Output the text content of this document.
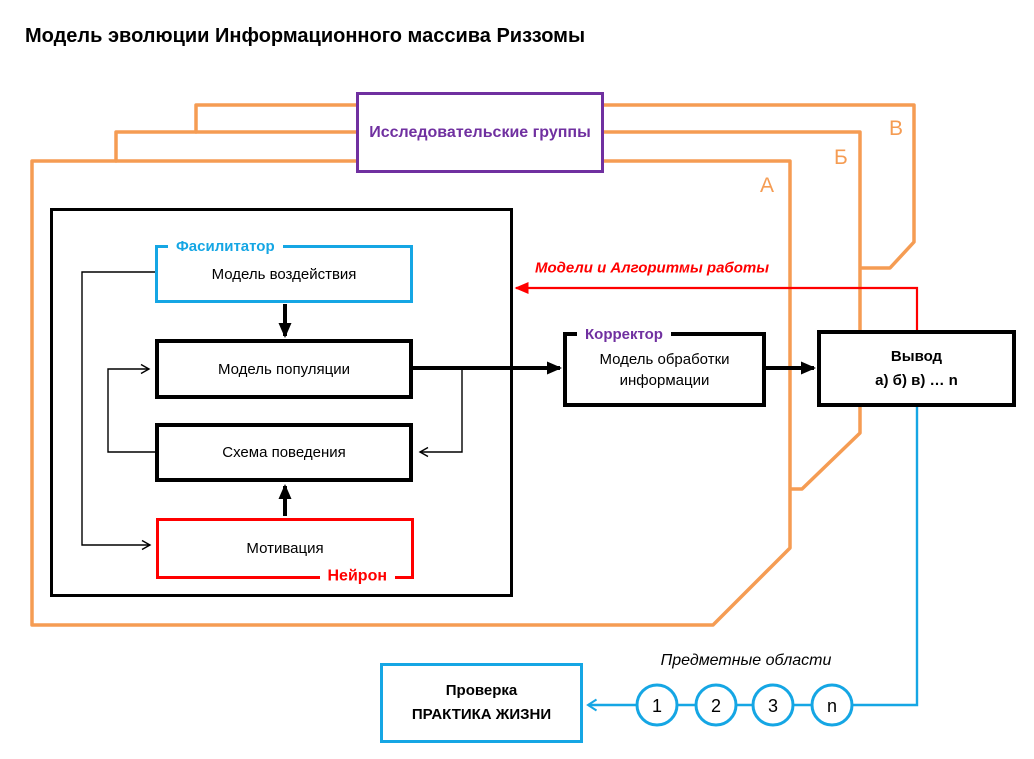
Модель эволюции Информационного массива Риззомы
Исследовательские группы	В
Б
А
Фасилитатор
Модель воздействия
Модель популяции
Схема поведения
Мотивация
Нейрон
Корректор
Модель обработки
информации
Вывод
а) б) в) … n
Модели и Алгоритмы работы
Проверка
ПРАКТИКА ЖИЗНИ
Предметные области
1	2	3	n
